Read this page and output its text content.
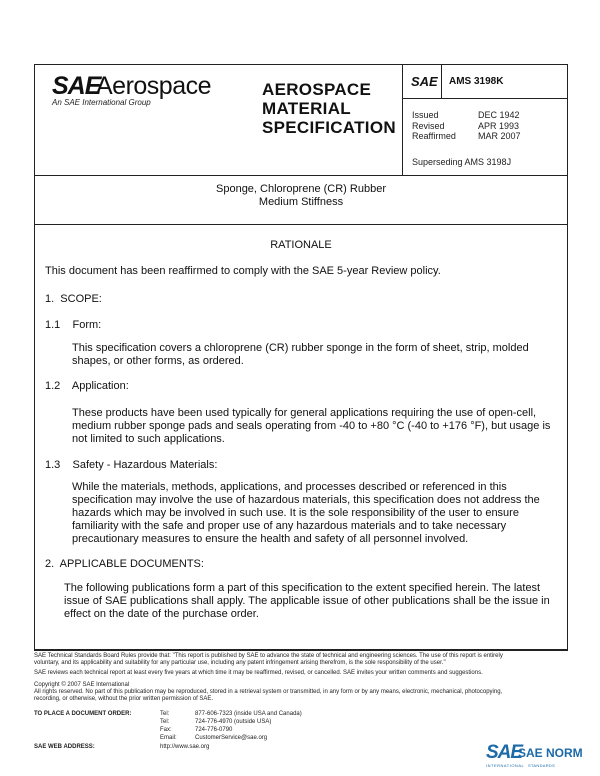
SAE
Aerospace
An SAE International Group
AEROSPACE
MATERIAL
SPECIFICATION
SAE AMS 3198K
Issued	DEC 1942
Revised	APR 1993
Reaffirmed MAR 2007
Superseding AMS 3198J
Sponge, Chloroprene (CR) Rubber
Medium Stiffness
RATIONALE
This document has been reaffirmed to comply with the SAE 5-year Review policy.
1.  SCOPE:
1.1    Form:
This specification covers a chloroprene (CR) rubber sponge in the form of sheet, strip, molded
shapes, or other forms, as ordered.
1.2    Application:
These products have been used typically for general applications requiring the use of open-cell,
medium rubber sponge pads and seals operating from -40 to +80 °C (-40 to +176 °F), but usage is
not limited to such applications.
1.3    Safety - Hazardous Materials:
While the materials, methods, applications, and processes described or referenced in this
specification may involve the use of hazardous materials, this specification does not address the
hazards which may be involved in such use. It is the sole responsibility of the user to ensure
familiarity with the safe and proper use of any hazardous materials and to take necessary
precautionary measures to ensure the health and safety of all personnel involved.
2.  APPLICABLE DOCUMENTS:
The following publications form a part of this specification to the extent specified herein. The latest
issue of SAE publications shall apply. The applicable issue of other publications shall be the issue in
effect on the date of the purchase order.
SAE Technical Standards Board Rules provide that: "This report is published by SAE to advance the state of technical and engineering sciences. The use of this report is entirely
voluntary, and its applicability and suitability for any particular use, including any patent infringement arising therefrom, is the sole responsibility of the user."
SAE reviews each technical report at least every five years at which time it may be reaffirmed, revised, or cancelled. SAE invites your written comments and suggestions.
Copyright © 2007 SAE International
All rights reserved. No part of this publication may be reproduced, stored in a retrieval system or transmitted, in any form or by any means, electronic, mechanical, photocopying,
recording, or otherwise, without the prior written permission of SAE.
TO PLACE A DOCUMENT ORDER:	Tel:	877-606-7323 (inside USA and Canada)
Tel:	724-776-4970 (outside USA)
Fax:	724-776-0790
Email:	CustomerService@sae.org
SAE WEB ADDRESS:	http://www.sae.org	SAE
SAE NORM
INTERNATIONAL STANDARDS
